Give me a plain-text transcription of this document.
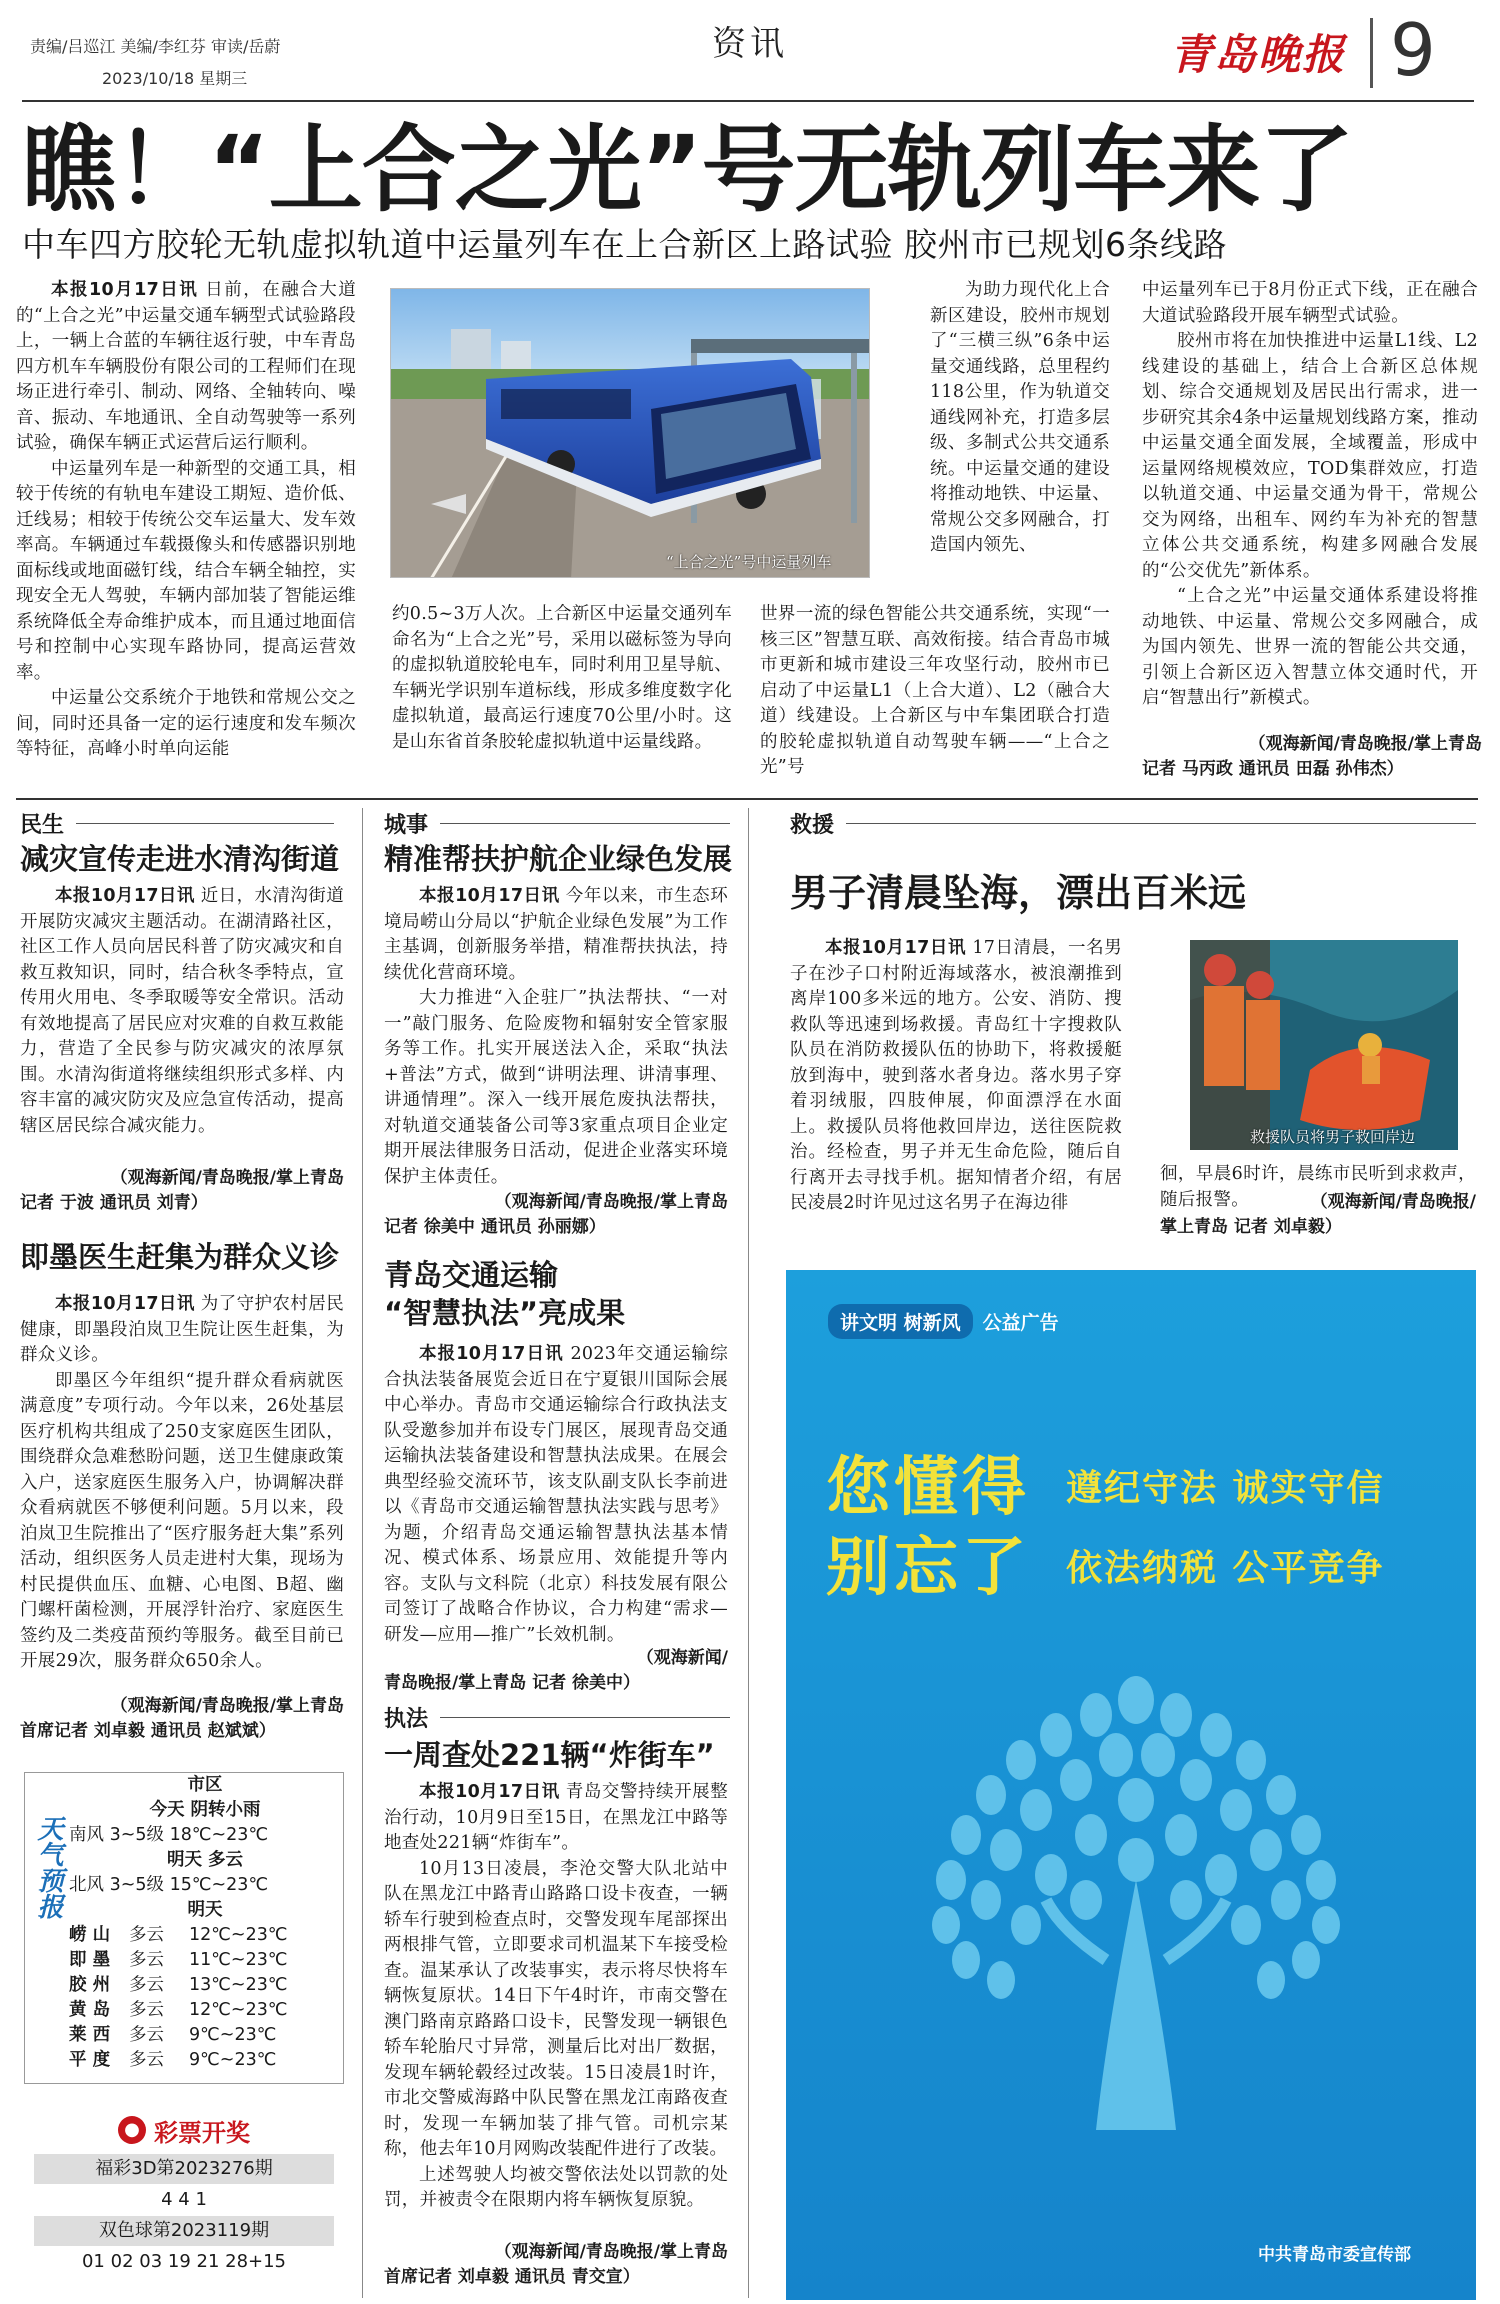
责编/吕巡江 美编/李红芬 审读/岳蔚
2023/10/18 星期三
资讯	青岛晚报 9
瞧！“上合之光”号无轨列车来了
中车四方胶轮无轨虚拟轨道中运量列车在上合新区上路试验 胶州市已规划6条线路

本报10月17日讯 日前，在融合大道的“上合之光”中运量交通车辆型式试验路段上，一辆上合蓝的车辆往返行驶，中车青岛四方机车车辆股份有限公司的工程师们在现场正进行牵引、制动、网络、全轴转向、噪音、振动、车地通讯、全自动驾驶等一系列试验，确保车辆正式运营后运行顺利。

中运量列车是一种新型的交通工具，相较于传统的有轨电车建设工期短、造价低、迁线易；相较于传统公交车运量大、发车效率高。车辆通过车载摄像头和传感器识别地面标线或地面磁钉线，结合车辆全轴控，实现安全无人驾驶，车辆内部加装了智能运维系统降低全寿命维护成本，而且通过地面信号和控制中心实现车路协同，提高运营效率。

中运量公交系统介于地铁和常规公交之间，同时还具备一定的运行速度和发车频次等特征，高峰小时单向运能

“上合之光”号中运量列车

约0.5~3万人次。上合新区中运量交通列车命名为“上合之光”号，采用以磁标签为导向的虚拟轨道胶轮电车，同时利用卫星导航、车辆光学识别车道标线，形成多维度数字化虚拟轨道，最高运行速度70公里/小时。这是山东省首条胶轮虚拟轨道中运量线路。

为助力现代化上合新区建设，胶州市规划了“三横三纵”6条中运量交通线路，总里程约118公里，作为轨道交通线网补充，打造多层级、多制式公共交通系统。中运量交通的建设将推动地铁、中运量、常规公交多网融合，打造国内领先、

世界一流的绿色智能公共交通系统，实现“一核三区”智慧互联、高效衔接。结合青岛市城市更新和城市建设三年攻坚行动，胶州市已启动了中运量L1（上合大道）、L2（融合大道）线建设。上合新区与中车集团联合打造的胶轮虚拟轨道自动驾驶车辆——“上合之光”号

中运量列车已于8月份正式下线，正在融合大道试验路段开展车辆型式试验。

胶州市将在加快推进中运量L1线、L2线建设的基础上，结合上合新区总体规划、综合交通规划及居民出行需求，进一步研究其余4条中运量规划线路方案，推动中运量交通全面发展，全域覆盖，形成中运量网络规模效应，TOD集群效应，打造以轨道交通、中运量交通为骨干，常规公交为网络，出租车、网约车为补充的智慧立体公共交通系统，构建多网融合发展的“公交优先”新体系。

“上合之光”中运量交通体系建设将推动地铁、中运量、常规公交多网融合，成为国内领先、世界一流的智能公共交通，引领上合新区迈入智慧立体交通时代，开启“智慧出行”新模式。

（观海新闻/青岛晚报/掌上青岛
记者 马丙政 通讯员 田磊 孙伟杰）
民生
减灾宣传走进水清沟街道

本报10月17日讯 近日，水清沟街道开展防灾减灾主题活动。在湖清路社区，社区工作人员向居民科普了防灾减灾和自救互救知识，同时，结合秋冬季特点，宣传用火用电、冬季取暖等安全常识。活动有效地提高了居民应对灾难的自救互救能力，营造了全民参与防灾减灾的浓厚氛围。水清沟街道将继续组织形式多样、内容丰富的减灾防灾及应急宣传活动，提高辖区居民综合减灾能力。

（观海新闻/青岛晚报/掌上青岛
记者 于波 通讯员 刘青）
即墨医生赶集为群众义诊

本报10月17日讯 为了守护农村居民健康，即墨段泊岚卫生院让医生赶集，为群众义诊。

即墨区今年组织“提升群众看病就医满意度”专项行动。今年以来，26处基层医疗机构共组成了250支家庭医生团队，围绕群众急难愁盼问题，送卫生健康政策入户，送家庭医生服务入户，协调解决群众看病就医不够便利问题。5月以来，段泊岚卫生院推出了“医疗服务赶大集”系列活动，组织医务人员走进村大集，现场为村民提供血压、血糖、心电图、B超、幽门螺杆菌检测，开展浮针治疗、家庭医生签约及二类疫苗预约等服务。截至目前已开展29次，服务群众650余人。

（观海新闻/青岛晚报/掌上青岛
首席记者 刘卓毅 通讯员 赵斌斌）
天气预报
市区
今天 阴转小雨
南风 3~5级 18℃~23℃
明天 多云
北风 3~5级 15℃~23℃
明天
崂 山 多云 12℃~23℃
即 墨 多云 11℃~23℃
胶 州 多云 13℃~23℃
黄 岛 多云 12℃~23℃
莱 西 多云 9℃~23℃
平 度 多云 9℃~23℃
● 彩票开奖
福彩3D第2023276期
4 4 1
双色球第2023119期
01 02 03 19 21 28+15
城事
精准帮扶护航企业绿色发展

本报10月17日讯 今年以来，市生态环境局崂山分局以“护航企业绿色发展”为工作主基调，创新服务举措，精准帮扶执法，持续优化营商环境。

大力推进“入企驻厂”执法帮扶、“一对一”敲门服务、危险废物和辐射安全管家服务等工作。扎实开展送法入企，采取“执法+普法”方式，做到“讲明法理、讲清事理、讲通情理”。深入一线开展危废执法帮扶，对轨道交通装备公司等3家重点项目企业定期开展法律服务日活动，促进企业落实环境保护主体责任。

（观海新闻/青岛晚报/掌上青岛
记者 徐美中 通讯员 孙丽娜）
青岛交通运输
“智慧执法”亮成果

本报10月17日讯 2023年交通运输综合执法装备展览会近日在宁夏银川国际会展中心举办。青岛市交通运输综合行政执法支队受邀参加并布设专门展区，展现青岛交通运输执法装备建设和智慧执法成果。在展会典型经验交流环节，该支队副支队长李前进以《青岛市交通运输智慧执法实践与思考》为题，介绍青岛交通运输智慧执法基本情况、模式体系、场景应用、效能提升等内容。支队与文科院（北京）科技发展有限公司签订了战略合作协议，合力构建“需求—研发—应用—推广”长效机制。

（观海新闻/
青岛晚报/掌上青岛 记者 徐美中）
执法
一周查处221辆“炸街车”

本报10月17日讯 青岛交警持续开展整治行动，10月9日至15日，在黑龙江中路等地查处221辆“炸街车”。

10月13日凌晨，李沧交警大队北站中队在黑龙江中路青山路路口设卡夜查，一辆轿车行驶到检查点时，交警发现车尾部探出两根排气管，立即要求司机温某下车接受检查。温某承认了改装事实，表示将尽快将车辆恢复原状。14日下午4时许，市南交警在澳门路南京路路口设卡，民警发现一辆银色轿车轮胎尺寸异常，测量后比对出厂数据，发现车辆轮毂经过改装。15日凌晨1时许，市北交警威海路中队民警在黑龙江南路夜查时，发现一车辆加装了排气管。司机宗某称，他去年10月网购改装配件进行了改装。

上述驾驶人均被交警依法处以罚款的处罚，并被责令在限期内将车辆恢复原貌。

（观海新闻/青岛晚报/掌上青岛
首席记者 刘卓毅 通讯员 青交宣）
救援
男子清晨坠海，漂出百米远

本报10月17日讯 17日清晨，一名男子在沙子口村附近海域落水，被浪潮推到离岸100多米远的地方。公安、消防、搜救队等迅速到场救援。青岛红十字搜救队队员在消防救援队伍的协助下，将救援艇放到海中，驶到落水者身边。落水男子穿着羽绒服，四肢伸展，仰面漂浮在水面上。救援队员将他救回岸边，送往医院救治。经检查，男子并无生命危险，随后自行离开去寻找手机。据知情者介绍，有居民凌晨2时许见过这名男子在海边徘

救援队员将男子救回岸边

徊，早晨6时许，晨练市民听到求救声，随后报警。	（观海新闻/青岛晚报/
掌上青岛 记者 刘卓毅）
讲文明 树新风	公益广告
您懂得 遵纪守法 诚实守信
别忘了 依法纳税 公平竞争
中共青岛市委宣传部
